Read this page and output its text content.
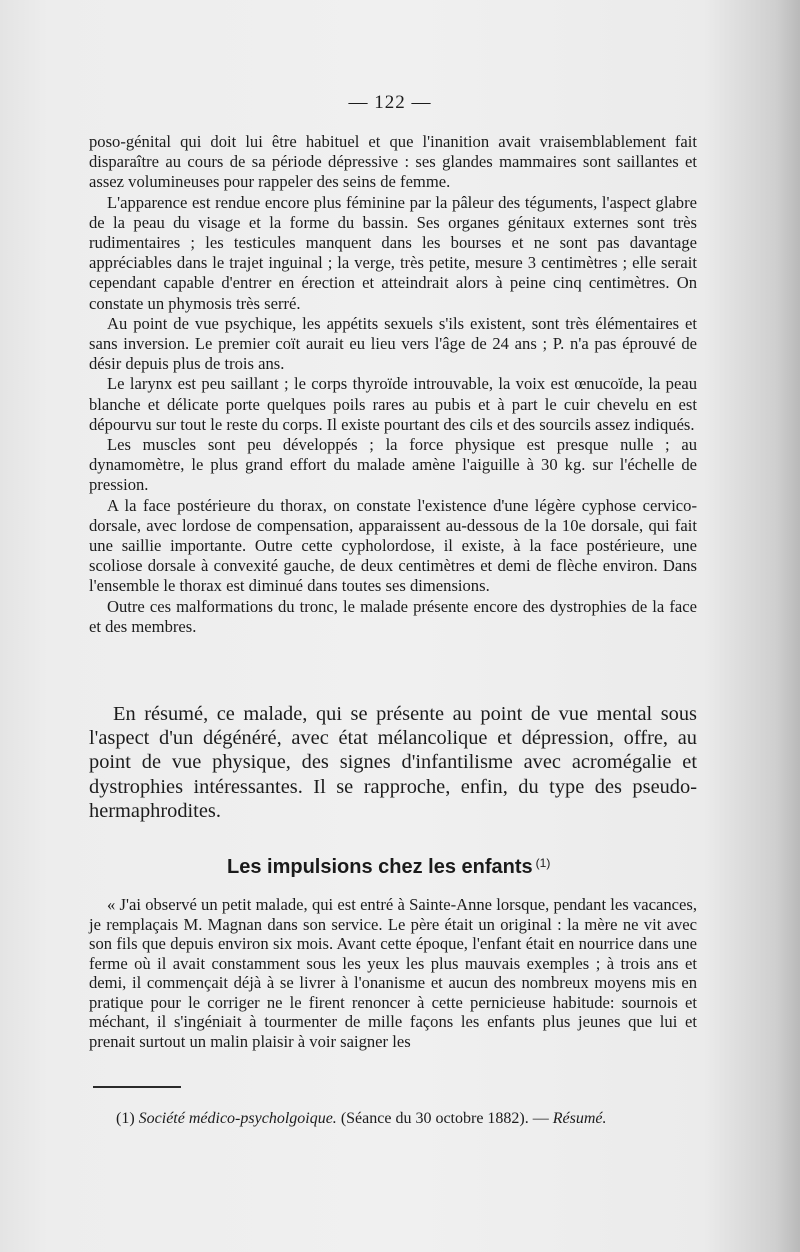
— 122 —

poso-génital qui doit lui être habituel et que l'inanition avait vraisemblablement fait disparaître au cours de sa période dépressive : ses glandes mammaires sont saillantes et assez volumineuses pour rappeler des seins de femme.

L'apparence est rendue encore plus féminine par la pâleur des téguments, l'aspect glabre de la peau du visage et la forme du bassin. Ses organes génitaux externes sont très rudimentaires ; les testicules manquent dans les bourses et ne sont pas davantage appréciables dans le trajet inguinal ; la verge, très petite, mesure 3 centimètres ; elle serait cependant capable d'entrer en érection et atteindrait alors à peine cinq centimètres. On constate un phymosis très serré.

Au point de vue psychique, les appétits sexuels s'ils existent, sont très élémentaires et sans inversion. Le premier coït aurait eu lieu vers l'âge de 24 ans ; P. n'a pas éprouvé de désir depuis plus de trois ans.

Le larynx est peu saillant ; le corps thyroïde introuvable, la voix est œnucoïde, la peau blanche et délicate porte quelques poils rares au pubis et à part le cuir chevelu en est dépourvu sur tout le reste du corps. Il existe pourtant des cils et des sourcils assez indiqués.

Les muscles sont peu développés ; la force physique est presque nulle ; au dynamomètre, le plus grand effort du malade amène l'aiguille à 30 kg. sur l'échelle de pression.

A la face postérieure du thorax, on constate l'existence d'une légère cyphose cervico-dorsale, avec lordose de compensation, apparaissent au-dessous de la 10e dorsale, qui fait une saillie importante. Outre cette cypholordose, il existe, à la face postérieure, une scoliose dorsale à convexité gauche, de deux centimètres et demi de flèche environ. Dans l'ensemble le thorax est diminué dans toutes ses dimensions.

Outre ces malformations du tronc, le malade présente encore des dystrophies de la face et des membres.

En résumé, ce malade, qui se présente au point de vue mental sous l'aspect d'un dégénéré, avec état mélancolique et dépression, offre, au point de vue physique, des signes d'infantilisme avec acromégalie et dystrophies intéressantes. Il se rapproche, enfin, du type des pseudo-hermaphrodites.

Les impulsions chez les enfants $^{(1)}$

« J'ai observé un petit malade, qui est entré à Sainte-Anne lorsque, pendant les vacances, je remplaçais M. Magnan dans son service. Le père était un original : la mère ne vit avec son fils que depuis environ six mois. Avant cette époque, l'enfant était en nourrice dans une ferme où il avait constamment sous les yeux les plus mauvais exemples ; à trois ans et demi, il commençait déjà à se livrer à l'onanisme et aucun des nombreux moyens mis en pratique pour le corriger ne le firent renoncer à cette pernicieuse habitude: sournois et méchant, il s'ingéniait à tourmenter de mille façons les enfants plus jeunes que lui et prenait surtout un malin plaisir à voir saigner les

(1) Société médico-psycholgoique. (Séance du 30 octobre 1882). — Résumé.
